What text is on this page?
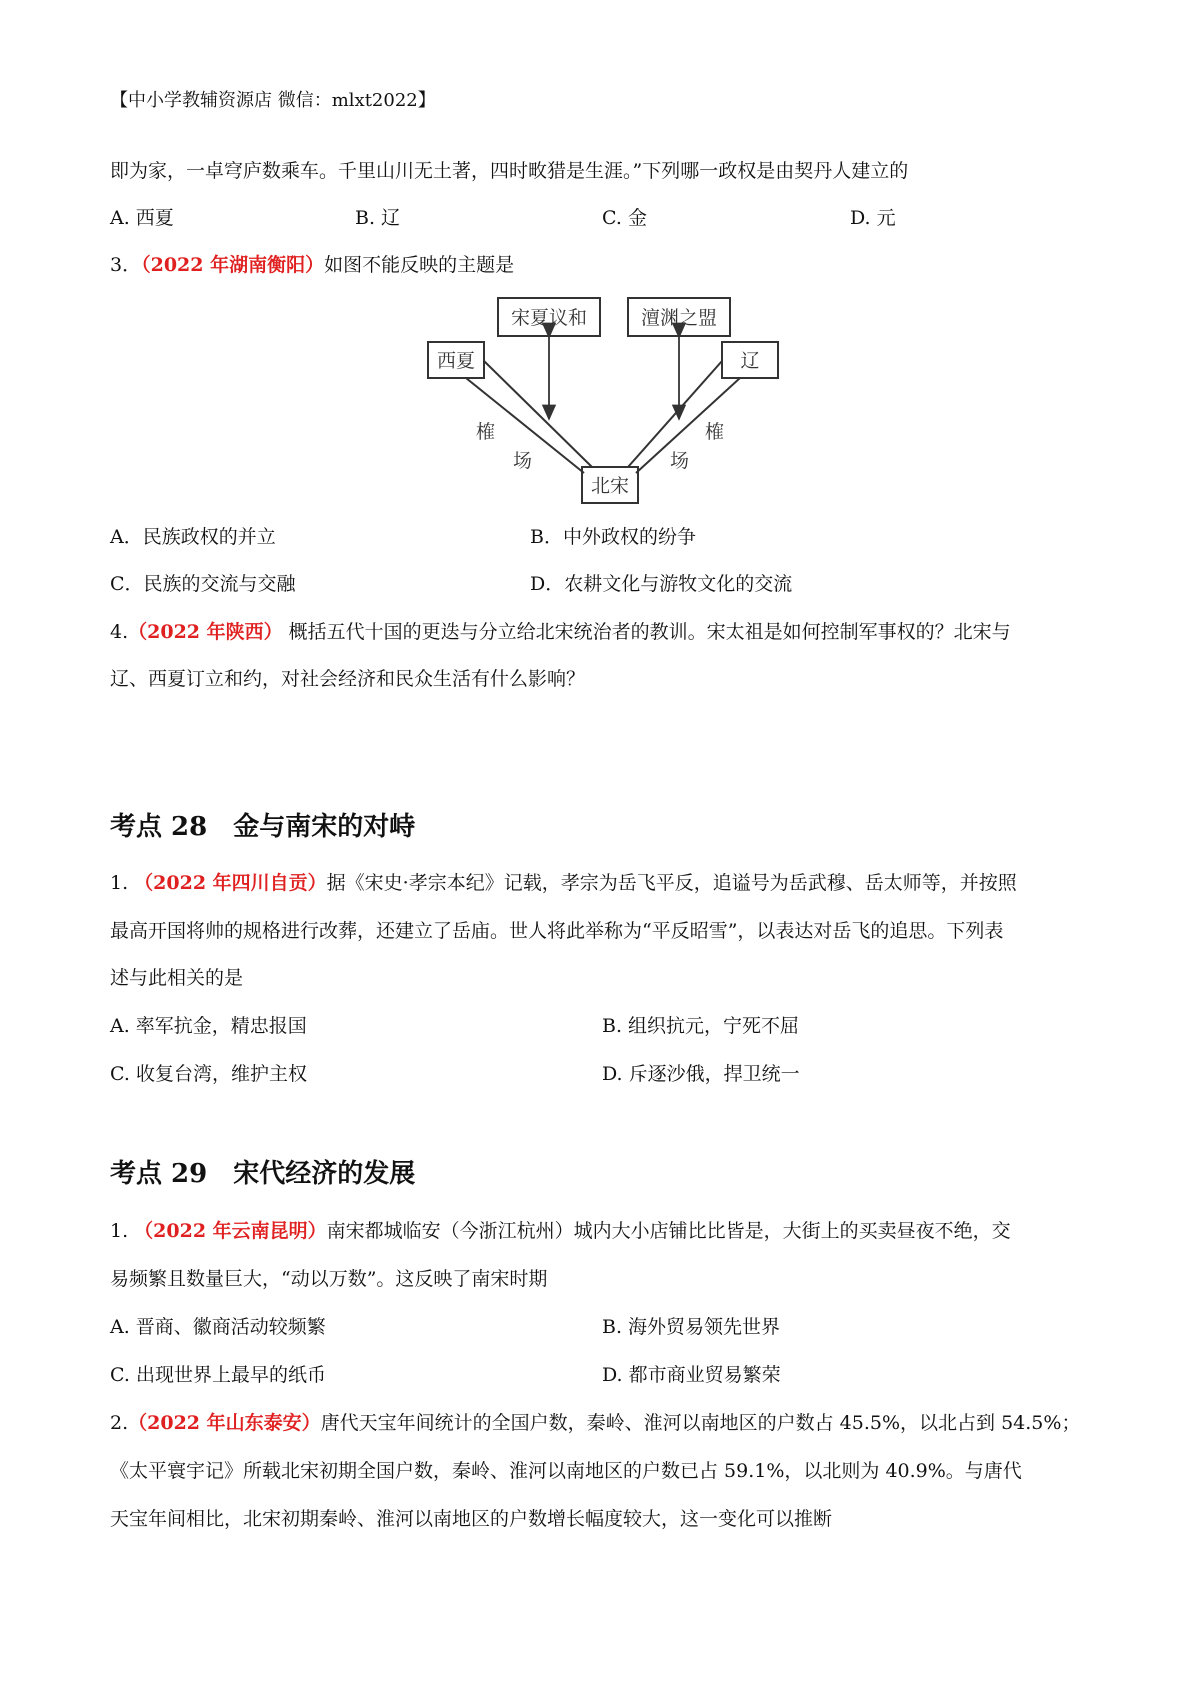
【中小学教辅资源店 微信：mlxt2022】
即为家，一卓穹庐数乘车。千里山川无土著，四时畋猎是生涯。”下列哪一政权是由契丹人建立的
A. 西夏	B. 辽	C. 金	D. 元
3．（2022 年湖南衡阳）如图不能反映的主题是
宋夏议和	澶渊之盟
西夏	辽
北宋
榷
场
榷
场
A．民族政权的并立	B．中外政权的纷争
C．民族的交流与交融	D．农耕文化与游牧文化的交流
4.（2022 年陕西） 概括五代十国的更迭与分立给北宋统治者的教训。宋太祖是如何控制军事权的？北宋与
辽、西夏订立和约，对社会经济和民众生活有什么影响？
考点 28　金与南宋的对峙
1. （2022 年四川自贡）据《宋史·孝宗本纪》记载，孝宗为岳飞平反，追谥号为岳武穆、岳太师等，并按照
最高开国将帅的规格进行改葬，还建立了岳庙。世人将此举称为“平反昭雪”，以表达对岳飞的追思。下列表
述与此相关的是
A. 率军抗金，精忠报国	B. 组织抗元，宁死不屈
C. 收复台湾，维护主权	D. 斥逐沙俄，捍卫统一
考点 29　宋代经济的发展
1. （2022 年云南昆明）南宋都城临安（今浙江杭州）城内大小店铺比比皆是，大街上的买卖昼夜不绝，交
易频繁且数量巨大，“动以万数”。这反映了南宋时期
A. 晋商、徽商活动较频繁	B. 海外贸易领先世界
C. 出现世界上最早的纸币	D. 都市商业贸易繁荣
2.（2022 年山东泰安）唐代天宝年间统计的全国户数，秦岭、淮河以南地区的户数占 45.5%，以北占到 54.5%；
《太平寰宇记》所载北宋初期全国户数，秦岭、淮河以南地区的户数已占 59.1%，以北则为 40.9%。与唐代
天宝年间相比，北宋初期秦岭、淮河以南地区的户数增长幅度较大，这一变化可以推断
